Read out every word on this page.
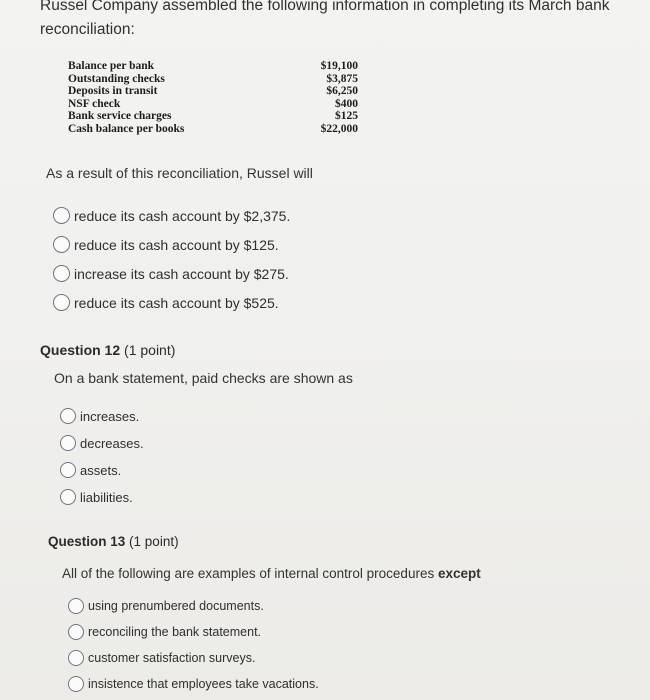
Russel Company assembled the following information in completing its March bank
reconciliation:
Balance per bank	$19,100
Outstanding checks	$3,875
Deposits in transit	$6,250
NSF check	$400
Bank service charges	$125
Cash balance per books	$22,000
As a result of this reconciliation, Russel will
reduce its cash account by $2,375.
reduce its cash account by $125.
increase its cash account by $275.
reduce its cash account by $525.
Question 12 (1 point)
On a bank statement, paid checks are shown as
increases.
decreases.
assets.
liabilities.
Question 13 (1 point)
All of the following are examples of internal control procedures except
using prenumbered documents.
reconciling the bank statement.
customer satisfaction surveys.
insistence that employees take vacations.
